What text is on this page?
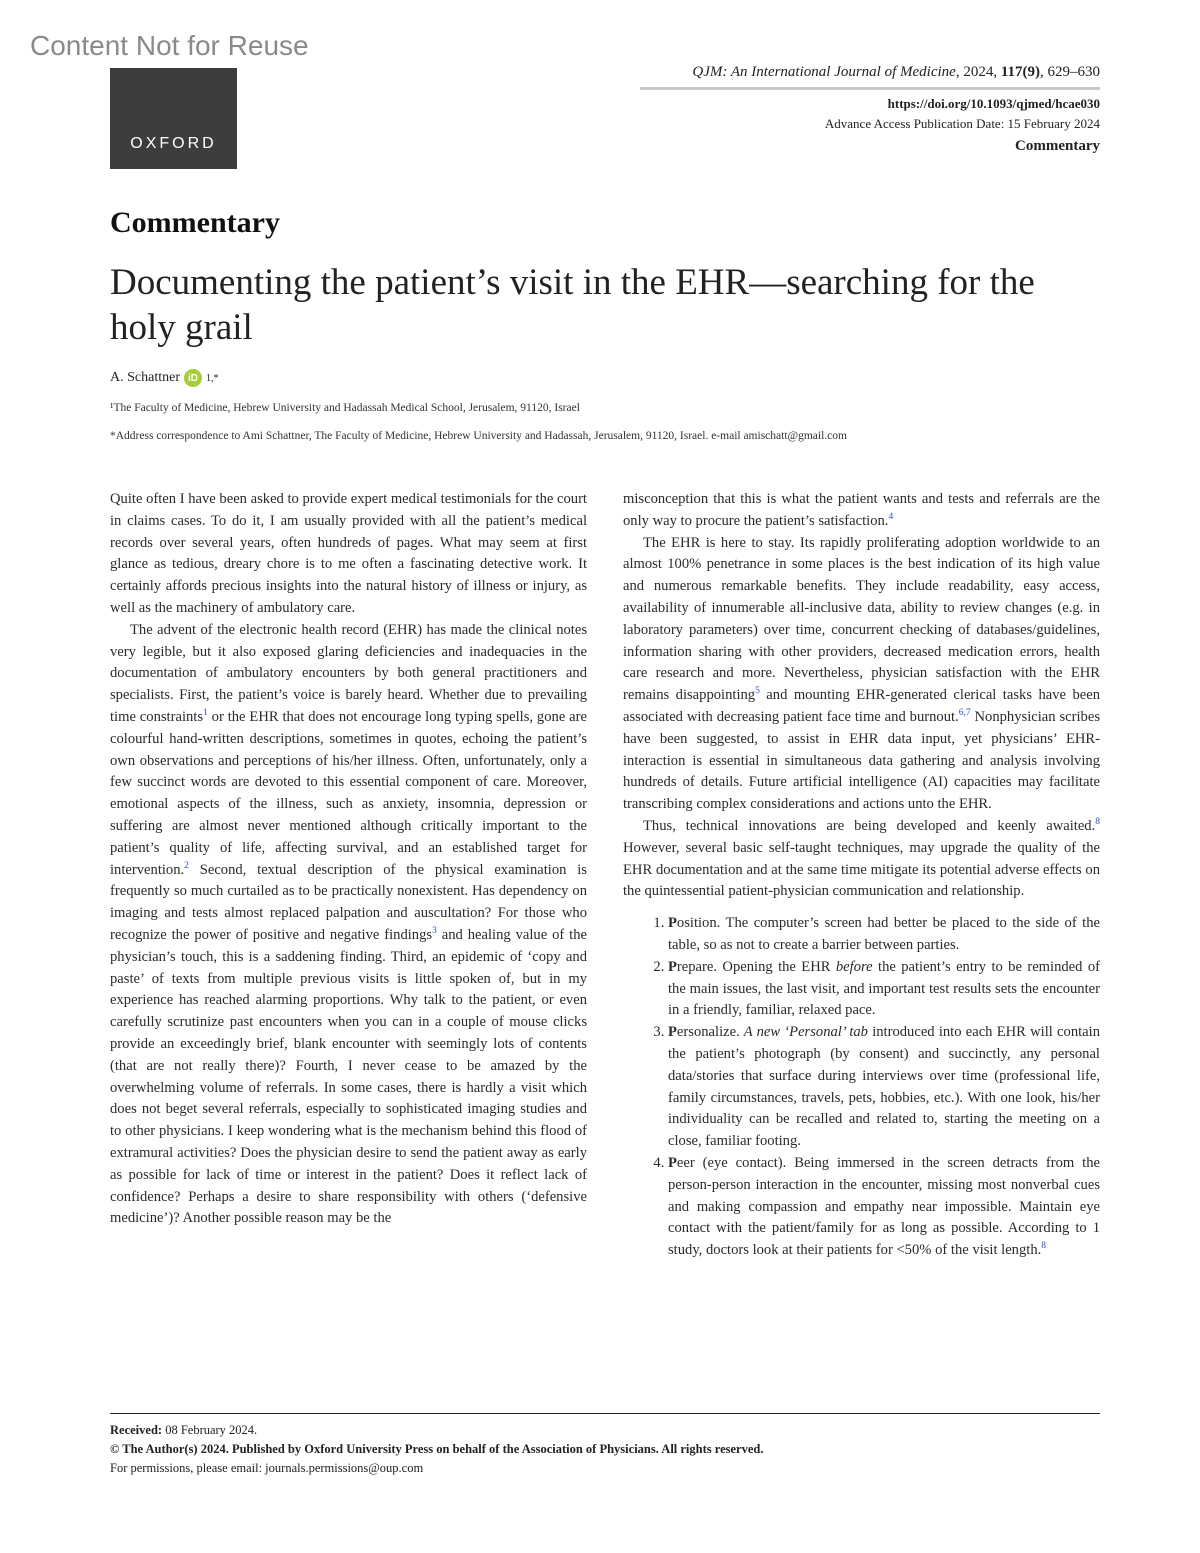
Content Not for Reuse
OXFORD
QJM: An International Journal of Medicine, 2024, 117(9), 629–630
https://doi.org/10.1093/qjmed/hcae030
Advance Access Publication Date: 15 February 2024
Commentary
Commentary
Documenting the patient’s visit in the EHR—searching for the holy grail
A. Schattner iD 1,*
¹The Faculty of Medicine, Hebrew University and Hadassah Medical School, Jerusalem, 91120, Israel
*Address correspondence to Ami Schattner, The Faculty of Medicine, Hebrew University and Hadassah, Jerusalem, 91120, Israel. e-mail amischatt@gmail.com

Quite often I have been asked to provide expert medical testimonials for the court in claims cases. To do it, I am usually provided with all the patient’s medical records over several years, often hundreds of pages. What may seem at first glance as tedious, dreary chore is to me often a fascinating detective work. It certainly affords precious insights into the natural history of illness or injury, as well as the machinery of ambulatory care.

The advent of the electronic health record (EHR) has made the clinical notes very legible, but it also exposed glaring deficiencies and inadequacies in the documentation of ambulatory encounters by both general practitioners and specialists. First, the patient’s voice is barely heard. Whether due to prevailing time constraints$^1$ or the EHR that does not encourage long typing spells, gone are colourful hand-written descriptions, sometimes in quotes, echoing the patient’s own observations and perceptions of his/her illness. Often, unfortunately, only a few succinct words are devoted to this essential component of care. Moreover, emotional aspects of the illness, such as anxiety, insomnia, depression or suffering are almost never mentioned although critically important to the patient’s quality of life, affecting survival, and an established target for intervention.$^2$ Second, textual description of the physical examination is frequently so much curtailed as to be practically nonexistent. Has dependency on imaging and tests almost replaced palpation and auscultation? For those who recognize the power of positive and negative findings$^3$ and healing value of the physician’s touch, this is a saddening finding. Third, an epidemic of ‘copy and paste’ of texts from multiple previous visits is little spoken of, but in my experience has reached alarming proportions. Why talk to the patient, or even carefully scrutinize past encounters when you can in a couple of mouse clicks provide an exceedingly brief, blank encounter with seemingly lots of contents (that are not really there)? Fourth, I never cease to be amazed by the overwhelming volume of referrals. In some cases, there is hardly a visit which does not beget several referrals, especially to sophisticated imaging studies and to other physicians. I keep wondering what is the mechanism behind this flood of extramural activities? Does the physician desire to send the patient away as early as possible for lack of time or interest in the patient? Does it reflect lack of confidence? Perhaps a desire to share responsibility with others (‘defensive medicine’)? Another possible reason may be the

misconception that this is what the patient wants and tests and referrals are the only way to procure the patient’s satisfaction.$^4$

The EHR is here to stay. Its rapidly proliferating adoption worldwide to an almost 100% penetrance in some places is the best indication of its high value and numerous remarkable benefits. They include readability, easy access, availability of innumerable all-inclusive data, ability to review changes (e.g. in laboratory parameters) over time, concurrent checking of databases/guidelines, information sharing with other providers, decreased medication errors, health care research and more. Nevertheless, physician satisfaction with the EHR remains disappointing$^5$ and mounting EHR-generated clerical tasks have been associated with decreasing patient face time and burnout.$^{6,7}$ Nonphysician scribes have been suggested, to assist in EHR data input, yet physicians’ EHR-interaction is essential in simultaneous data gathering and analysis involving hundreds of details. Future artificial intelligence (AI) capacities may facilitate transcribing complex considerations and actions unto the EHR.

Thus, technical innovations are being developed and keenly awaited.$^8$ However, several basic self-taught techniques, may upgrade the quality of the EHR documentation and at the same time mitigate its potential adverse effects on the quintessential patient-physician communication and relationship.

1. Position. The computer’s screen had better be placed to the side of the table, so as not to create a barrier between parties.
2. Prepare. Opening the EHR before the patient’s entry to be reminded of the main issues, the last visit, and important test results sets the encounter in a friendly, familiar, relaxed pace.
3. Personalize. A new ‘Personal’ tab introduced into each EHR will contain the patient’s photograph (by consent) and succinctly, any personal data/stories that surface during interviews over time (professional life, family circumstances, travels, pets, hobbies, etc.). With one look, his/her individuality can be recalled and related to, starting the meeting on a close, familiar footing.
4. Peer (eye contact). Being immersed in the screen detracts from the person-person interaction in the encounter, missing most nonverbal cues and making compassion and empathy near impossible. Maintain eye contact with the patient/family for as long as possible. According to 1 study, doctors look at their patients for <50% of the visit length.$^8$
Received: 08 February 2024.
© The Author(s) 2024. Published by Oxford University Press on behalf of the Association of Physicians. All rights reserved.
For permissions, please email: journals.permissions@oup.com
